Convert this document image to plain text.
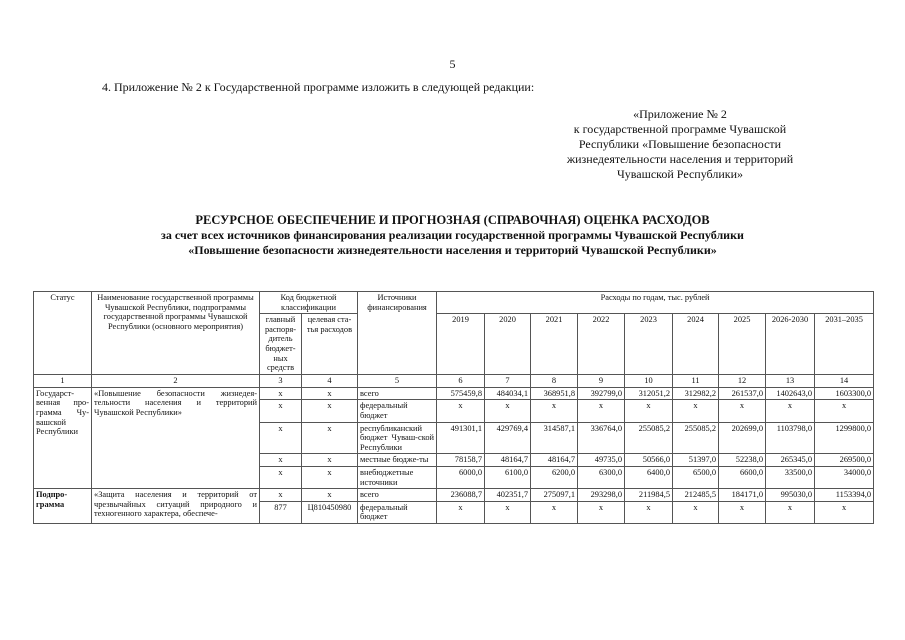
5
4. Приложение № 2 к Государственной программе изложить в следующей редакции:
«Приложение № 2
к государственной программе Чувашской
Республики «Повышение безопасности
жизнедеятельности населения и территорий
Чувашской Республики»
РЕСУРСНОЕ ОБЕСПЕЧЕНИЕ И ПРОГНОЗНАЯ (СПРАВОЧНАЯ) ОЦЕНКА РАСХОДОВ
за счет всех источников финансирования реализации государственной программы Чувашской Республики
«Повышение безопасности жизнедеятельности населения и территорий Чувашской Республики»
Статус	Наименование государственной программы Чувашской Республики, подпрограммы государственной программы Чувашской Республики (основного мероприятия)	Код бюджетной классификации		Источники финансирования	Расходы по годам, тыс. рублей								
		главный распоря-дитель бюджет-ных средств	целевая ста-тья расходов		2019	2020	2021	2022	2023	2024	2025	2026-2030	2031–2035

1	2	3	4	5	6	7	8	9	10	11	12	13	14
Государст-венная про-грамма Чу-вашской Республики	«Повышение безопасности жизнедея-тельности населения и территорий Чувашской Республики»	x	x	всего	575459,8	484034,1	368951,8	392799,0	312051,2	312982,2	261537,0	1402643,0	1603300,0
		x	x	федеральный бюджет	x	x	x	x	x	x	x	x	x
		x	x	республиканский бюджет Чуваш-ской Республики	491301,1	429769,4	314587,1	336764,0	255085,2	255085,2	202699,0	1103798,0	1299800,0
		x	x	местные бюдже-ты	78158,7	48164,7	48164,7	49735,0	50566,0	51397,0	52238,0	265345,0	269500,0
		x	x	внебюджетные источники	6000,0	6100,0	6200,0	6300,0	6400,0	6500,0	6600,0	33500,0	34000,0
Подпро-грамма	«Защита населения и территорий от чрезвычайных ситуаций природного и техногенного характера, обеспече-	x	x	всего	236088,7	402351,7	275097,1	293298,0	211984,5	212485,5	184171,0	995030,0	1153394,0
		877	Ц810450980	федеральный бюджет	x	x	x	x	x	x	x	x	x
